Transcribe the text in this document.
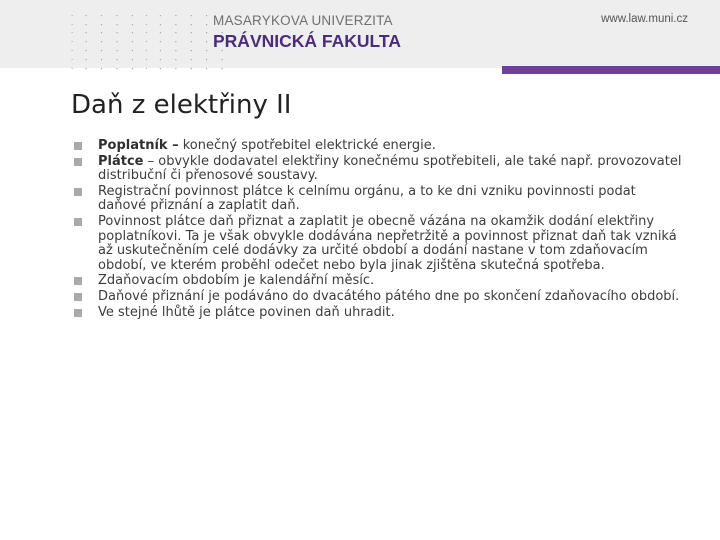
· ・ ・ ・ ・ · ・ ・ ・ ・ ・
· ・ ・ ・ ・ · ・ ・ ・ ・ ・
· ・ ・ ・ ・ · ・ ・ ・ ・ ・
· ・ ・ ・ ・ · ・ ・ ・ ・ ・
· ・ ・ ・ ・ · ・ ・ ・ ・ ・
· ・ ・ ・ ・ · ・ ・ ・ ・ ・
· ・ ・ ・ ・ · ・ ・ ・ ・ ・
MASARYKOVA UNIVERZITA
PRÁVNICKÁ FAKULTA
www.law.muni.cz
Daň z elektřiny II
Poplatník – konečný spotřebitel elektrické energie.
Plátce – obvykle dodavatel elektřiny konečnému spotřebiteli, ale také např. provozovatel distribuční či přenosové soustavy.
Registrační povinnost plátce k celnímu orgánu, a to ke dni vzniku povinnosti podat daňové přiznání a zaplatit daň.
Povinnost plátce daň přiznat a zaplatit je obecně vázána na okamžik dodání elektřiny poplatníkovi. Ta je však obvykle dodávána nepřetržitě a povinnost přiznat daň tak vzniká až uskutečněním celé dodávky za určité období a dodání nastane v tom zdaňovacím období, ve kterém proběhl odečet nebo byla jinak zjištěna skutečná spotřeba.
Zdaňovacím obdobím je kalendářní měsíc.
Daňové přiznání je podáváno do dvacátého pátého dne po skončení zdaňovacího období.
Ve stejné lhůtě je plátce povinen daň uhradit.
